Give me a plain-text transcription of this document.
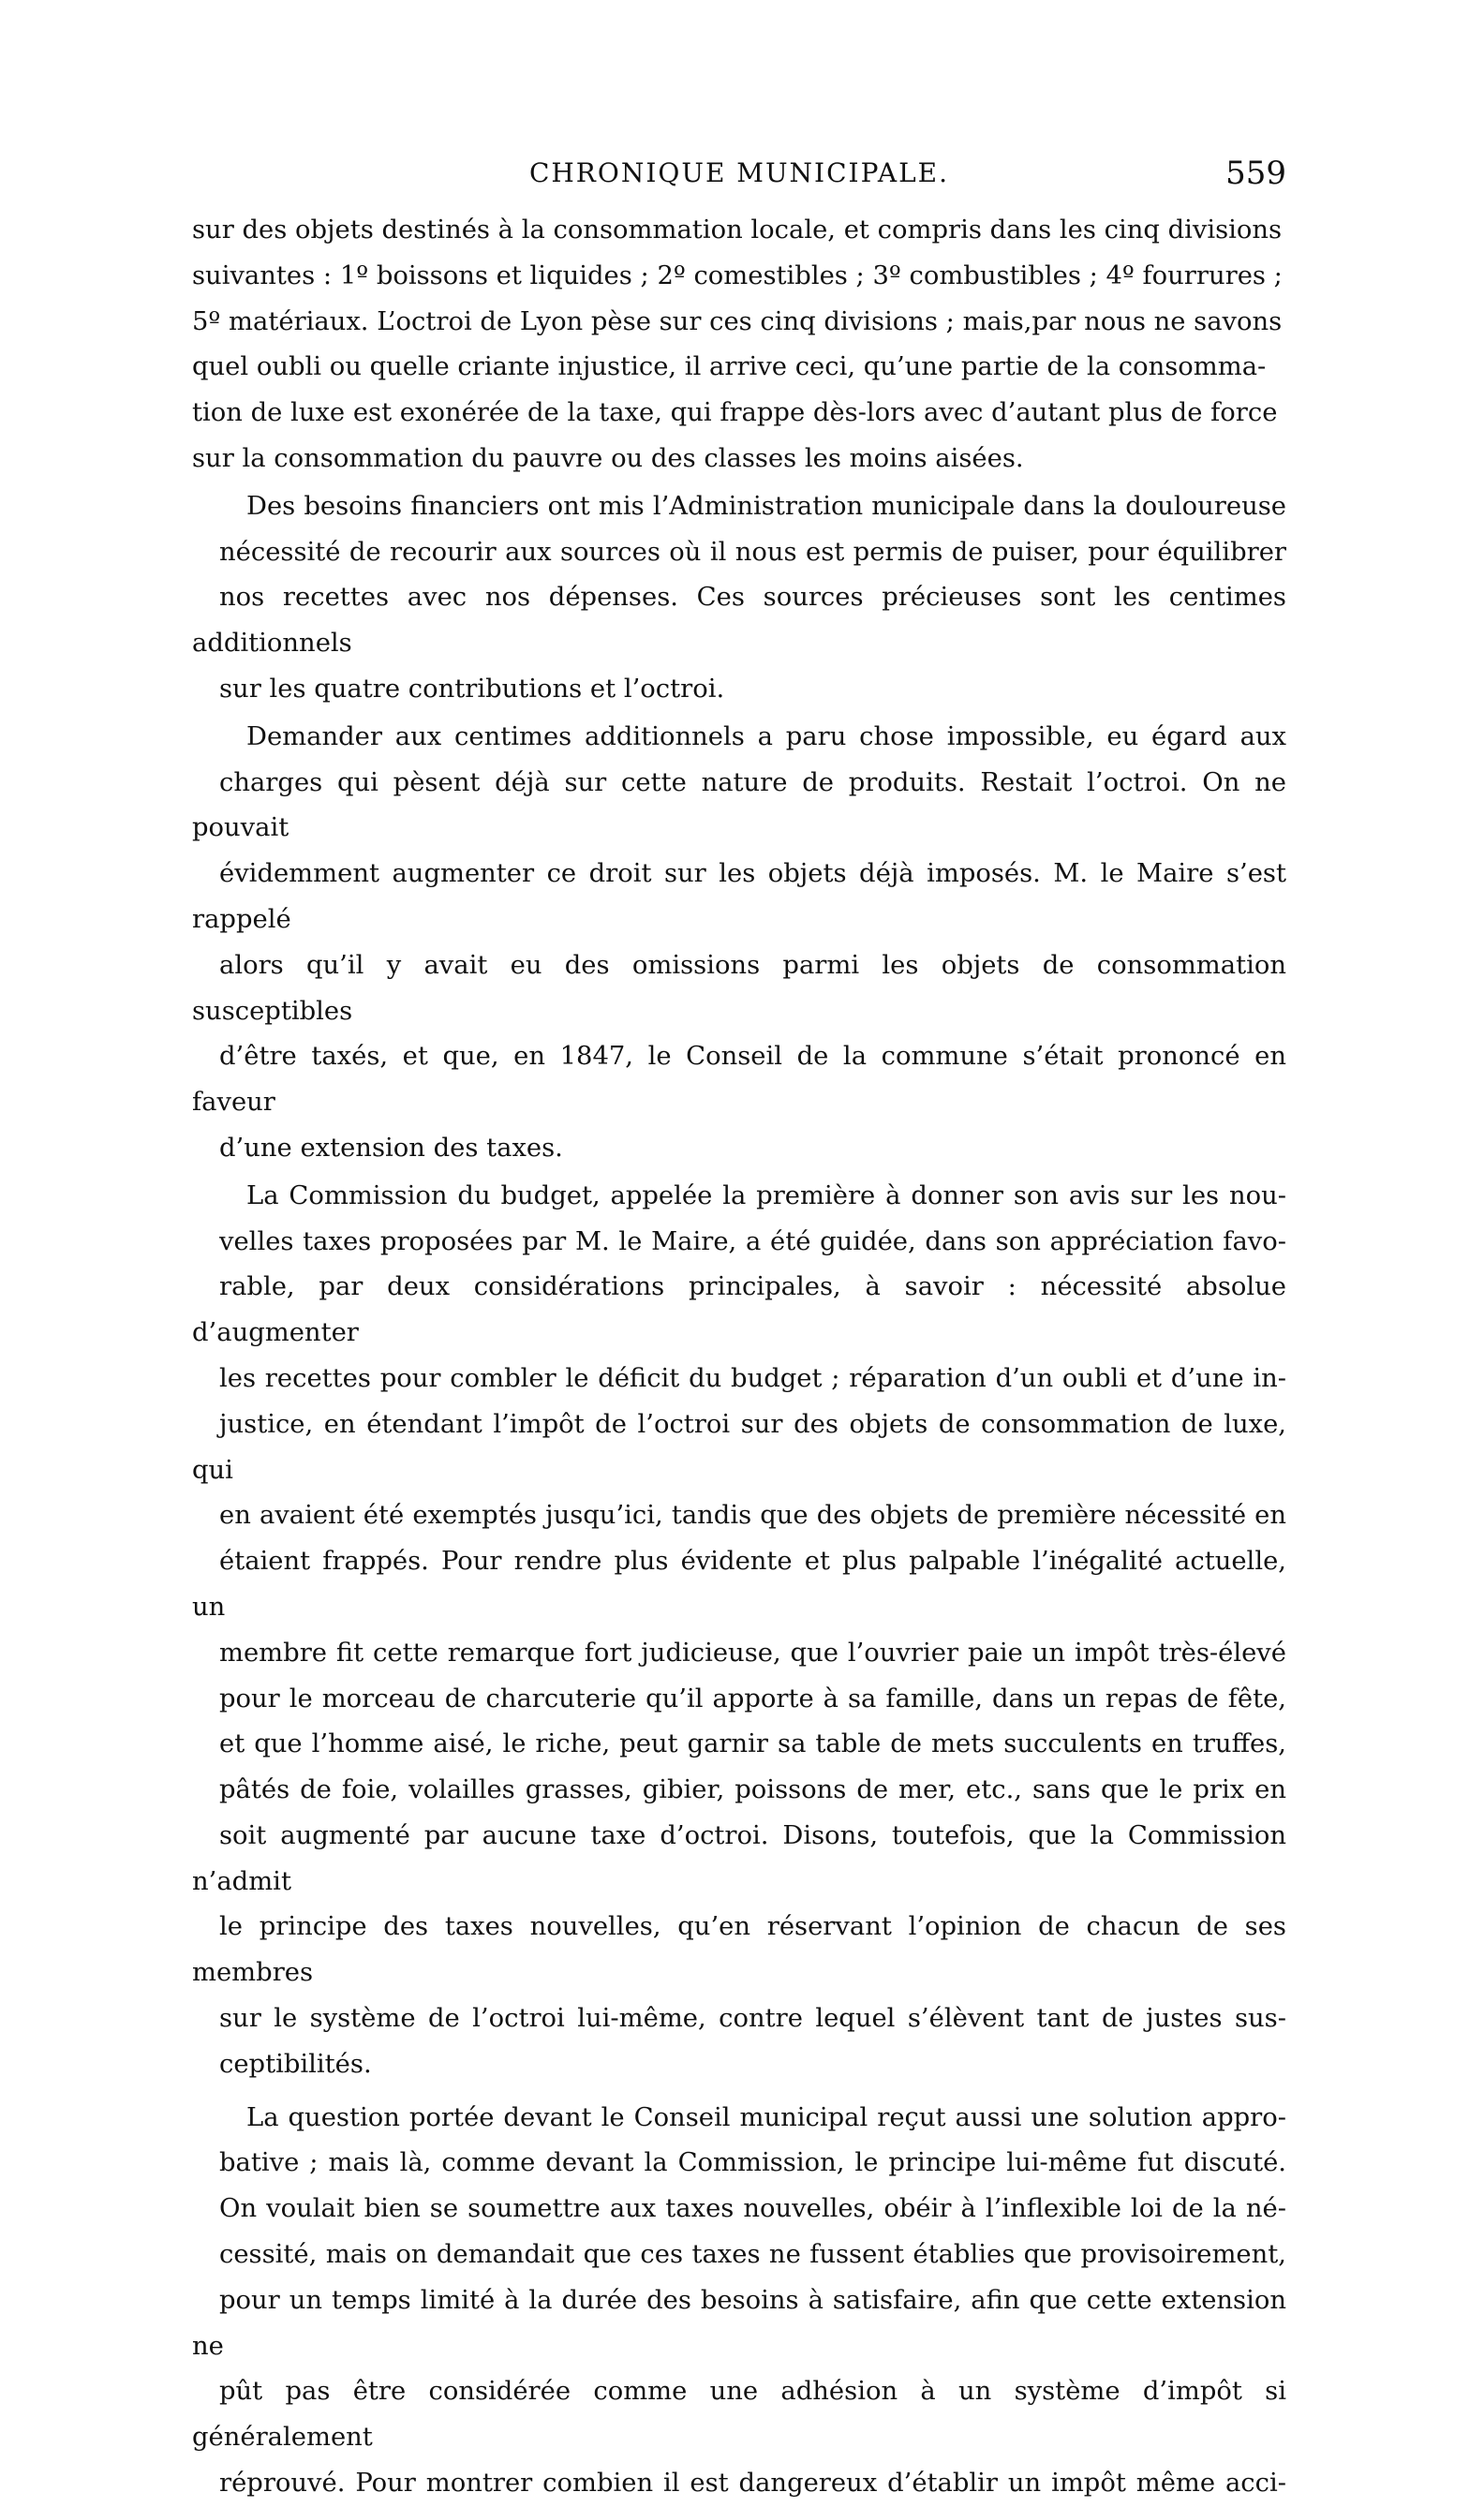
CHRONIQUE MUNICIPALE.	559

sur des objets destinés à la consommation locale, et compris dans les cinq divisions
suivantes : 1º boissons et liquides ; 2º comestibles ; 3º combustibles ; 4º fourrures ;
5º matériaux. L’octroi de Lyon pèse sur ces cinq divisions ; mais,par nous ne savons
quel oubli ou quelle criante injustice, il arrive ceci, qu’une partie de la consomma-
tion de luxe est exonérée de la taxe, qui frappe dès-lors avec d’autant plus de force
sur la consommation du pauvre ou des classes les moins aisées.

Des besoins financiers ont mis l’Administration municipale dans la douloureuse
nécessité de recourir aux sources où il nous est permis de puiser, pour équilibrer
nos recettes avec nos dépenses. Ces sources précieuses sont les centimes additionnels
sur les quatre contributions et l’octroi.

Demander aux centimes additionnels a paru chose impossible, eu égard aux
charges qui pèsent déjà sur cette nature de produits. Restait l’octroi. On ne pouvait
évidemment augmenter ce droit sur les objets déjà imposés. M. le Maire s’est rappelé
alors qu’il y avait eu des omissions parmi les objets de consommation susceptibles
d’être taxés, et que, en 1847, le Conseil de la commune s’était prononcé en faveur
d’une extension des taxes.

La Commission du budget, appelée la première à donner son avis sur les nou-
velles taxes proposées par M. le Maire, a été guidée, dans son appréciation favo-
rable, par deux considérations principales, à savoir : nécessité absolue d’augmenter
les recettes pour combler le déficit du budget ; réparation d’un oubli et d’une in-
justice, en étendant l’impôt de l’octroi sur des objets de consommation de luxe, qui
en avaient été exemptés jusqu’ici, tandis que des objets de première nécessité en
étaient frappés. Pour rendre plus évidente et plus palpable l’inégalité actuelle, un
membre fit cette remarque fort judicieuse, que l’ouvrier paie un impôt très-élevé
pour le morceau de charcuterie qu’il apporte à sa famille, dans un repas de fête,
et que l’homme aisé, le riche, peut garnir sa table de mets succulents en truffes,
pâtés de foie, volailles grasses, gibier, poissons de mer, etc., sans que le prix en
soit augmenté par aucune taxe d’octroi. Disons, toutefois, que la Commission n’admit
le principe des taxes nouvelles, qu’en réservant l’opinion de chacun de ses membres
sur le système de l’octroi lui-même, contre lequel s’élèvent tant de justes sus-
ceptibilités.

La question portée devant le Conseil municipal reçut aussi une solution appro-
bative ; mais là, comme devant la Commission, le principe lui-même fut discuté.
On voulait bien se soumettre aux taxes nouvelles, obéir à l’inflexible loi de la né-
cessité, mais on demandait que ces taxes ne fussent établies que provisoirement,
pour un temps limité à la durée des besoins à satisfaire, afin que cette extension ne
pût pas être considérée comme une adhésion à un système d’impôt si généralement
réprouvé. Pour montrer combien il est dangereux d’établir un impôt même acci-
